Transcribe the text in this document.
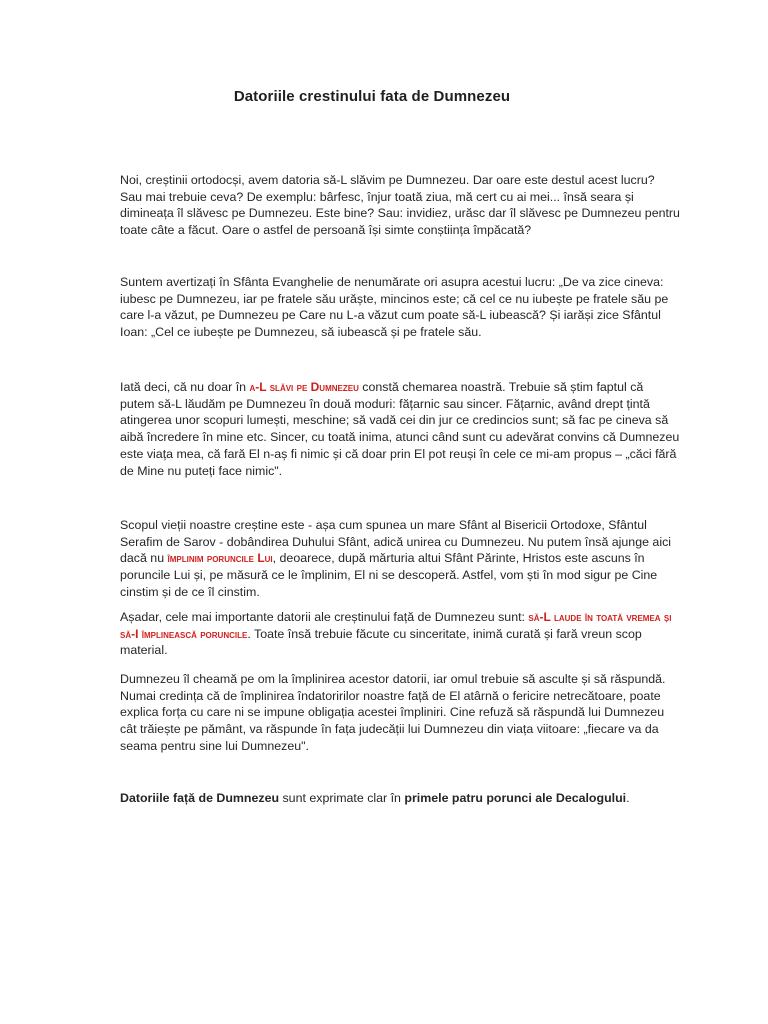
Datoriile crestinului fata de Dumnezeu

Noi, creștinii ortodocși, avem datoria să-L slăvim pe Dumnezeu. Dar oare este destul acest lucru? Sau mai trebuie ceva? De exemplu: bârfesc, înjur toată ziua, mă cert cu ai mei... însă seara și dimineața îl slăvesc pe Dumnezeu. Este bine? Sau: invidiez, urăsc dar îl slăvesc pe Dumnezeu pentru toate câte a făcut. Oare o astfel de persoană își simte conștiința împăcată?

Suntem avertizați în Sfânta Evanghelie de nenumărate ori asupra acestui lucru: „De va zice cineva: iubesc pe Dumnezeu, iar pe fratele său urăște, mincinos este; că cel ce nu iubește pe fratele său pe care l-a văzut, pe Dumnezeu pe Care nu L-a văzut cum poate să-L iubească? Și iarăși zice Sfântul Ioan: „Cel ce iubește pe Dumnezeu, să iubească și pe fratele său.

Iată deci, că nu doar în a-L slăvi pe Dumnezeu constă chemarea noastră. Trebuie să știm faptul că putem să-L lăudăm pe Dumnezeu în două moduri: fățarnic sau sincer. Fățarnic, având drept țintă atingerea unor scopuri lumești, meschine; să vadă cei din jur ce credincios sunt; să fac pe cineva să aibă încredere în mine etc. Sincer, cu toată inima, atunci când sunt cu adevărat convins că Dumnezeu este viața mea, că fară El n-aș fi nimic și că doar prin El pot reuși în cele ce mi-am propus – „căci fără de Mine nu puteți face nimic".

Scopul vieții noastre creștine este - așa cum spunea un mare Sfânt al Bisericii Ortodoxe, Sfântul Serafim de Sarov - dobândirea Duhului Sfânt, adică unirea cu Dumnezeu. Nu putem însă ajunge aici dacă nu împlinim poruncile Lui, deoarece, după mărturia altui Sfânt Părinte, Hristos este ascuns în poruncile Lui și, pe măsură ce le împlinim, El ni se descoperă. Astfel, vom ști în mod sigur pe Cine cinstim și de ce îl cinstim.

Așadar, cele mai importante datorii ale creștinului față de Dumnezeu sunt: să-L laude în toată vremea și să-I împlinească poruncile. Toate însă trebuie făcute cu sinceritate, inimă curată și fară vreun scop material.

Dumnezeu îl cheamă pe om la împlinirea acestor datorii, iar omul trebuie să asculte și să răspundă. Numai credința că de împlinirea îndatoririlor noastre față de El atârnă o fericire netrecătoare, poate explica forța cu care ni se impune obligația acestei împliniri. Cine refuză să răspundă lui Dumnezeu cât trăiește pe pământ, va răspunde în fața judecății lui Dumnezeu din viața viitoare: „fiecare va da seama pentru sine lui Dumnezeu".

Datoriile față de Dumnezeu sunt exprimate clar în primele patru porunci ale Decalogului.
